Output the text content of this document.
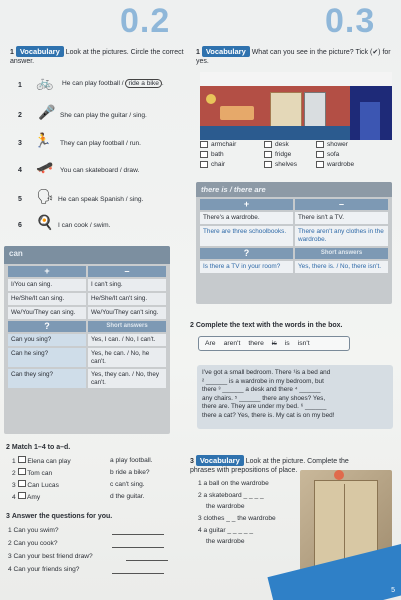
0.2	0.3
1 Vocabulary Look at the pictures. Circle the correct answer.
1 🚲 He can play football / ride a bike .
2 🎤 She can play the guitar / sing.
3 🏃 They can play football / run.
4 🛹 You can skateboard / draw.
5 🗣 He can speak Spanish / sing.
6 🍳 I can cook / swim.
can
+	–
I/You can sing.	I can't sing.
He/She/It can sing.	He/She/It can't sing.
We/You/They can sing.	We/You/They can't sing.
?	Short answers
Can you sing?	Yes, I can. / No, I can't.
Can he sing?	Yes, he can. / No, he can't.
Can they sing?	Yes, they can. / No, they can't.
2 Match 1–4 to a–d.
1 Elena can play
2 Tom can
3 Can Lucas
4 Amy
a play football.
b ride a bike?
c can't sing.
d the guitar.
3 Answer the questions for you.
1 Can you swim?
2 Can you cook?
3 Can your best friend draw?
4 Can your friends sing?
1 Vocabulary What can you see in the picture? Tick (✔) for yes.
armchair
bath
chair
desk
fridge
shelves
shower
sofa
wardrobe
there is / there are
+	–
There's a wardrobe.	There isn't a TV.
There are three schoolbooks.	There aren't any clothes in the wardrobe.
?	Short answers
Is there a TV in your room?	Yes, there is. / No, there isn't.
2 Complete the text with the words in the box.
Are aren't there is is isn't
I've got a small bedroom. There ¹is a bed and
² ______ is a wardrobe in my bedroom, but
there ³ ______ a desk and there ⁴ ______
any chairs. ⁵ ______ there any shoes? Yes,
there are. They are under my bed. ⁶ ______
there a cat? Yes, there is. My cat is on my bed!
3 Vocabulary Look at the picture. Complete the phrases with prepositions of place.
1 a ball on the wardrobe
2 a skateboard _ _ _ _
the wardrobe
3 clothes _ _ the wardrobe
4 a guitar _ _ _ _ _
the wardrobe
5
